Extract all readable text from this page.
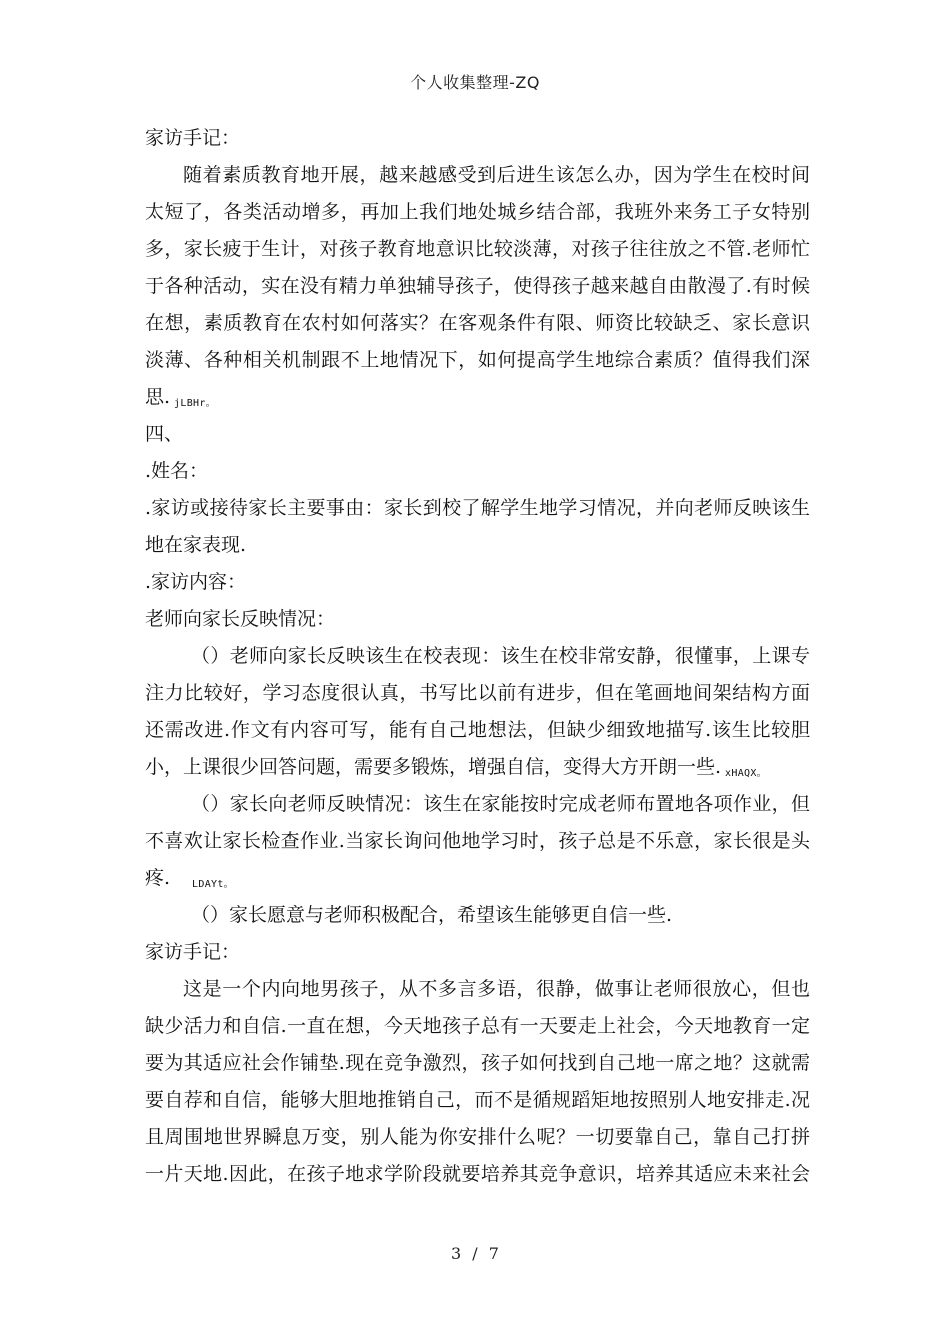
个人收集整理-ZQ
家访手记：
随着素质教育地开展，越来越感受到后进生该怎么办，因为学生在校时间
太短了，各类活动增多，再加上我们地处城乡结合部，我班外来务工子女特别
多，家长疲于生计，对孩子教育地意识比较淡薄，对孩子往往放之不管.老师忙
于各种活动，实在没有精力单独辅导孩子，使得孩子越来越自由散漫了.有时候
在想，素质教育在农村如何落实？在客观条件有限、师资比较缺乏、家长意识
淡薄、各种相关机制跟不上地情况下，如何提高学生地综合素质？值得我们深
思. jLBHr。
四、
.姓名：
.家访或接待家长主要事由：家长到校了解学生地学习情况，并向老师反映该生
地在家表现.
.家访内容：
老师向家长反映情况：
（）老师向家长反映该生在校表现：该生在校非常安静，很懂事，上课专
注力比较好，学习态度很认真，书写比以前有进步，但在笔画地间架结构方面
还需改进.作文有内容可写，能有自己地想法，但缺少细致地描写.该生比较胆
小，上课很少回答问题，需要多锻炼，增强自信，变得大方开朗一些. xHAQX。
（）家长向老师反映情况：该生在家能按时完成老师布置地各项作业，但
不喜欢让家长检查作业.当家长询问他地学习时，孩子总是不乐意，家长很是头
疼. LDAYt。
（）家长愿意与老师积极配合，希望该生能够更自信一些.
家访手记：
这是一个内向地男孩子，从不多言多语，很静，做事让老师很放心，但也
缺少活力和自信.一直在想，今天地孩子总有一天要走上社会，今天地教育一定
要为其适应社会作铺垫.现在竞争激烈，孩子如何找到自己地一席之地？这就需
要自荐和自信，能够大胆地推销自己，而不是循规蹈矩地按照别人地安排走.况
且周围地世界瞬息万变，别人能为你安排什么呢？一切要靠自己，靠自己打拼
一片天地.因此，在孩子地求学阶段就要培养其竞争意识，培养其适应未来社会
3 / 7
